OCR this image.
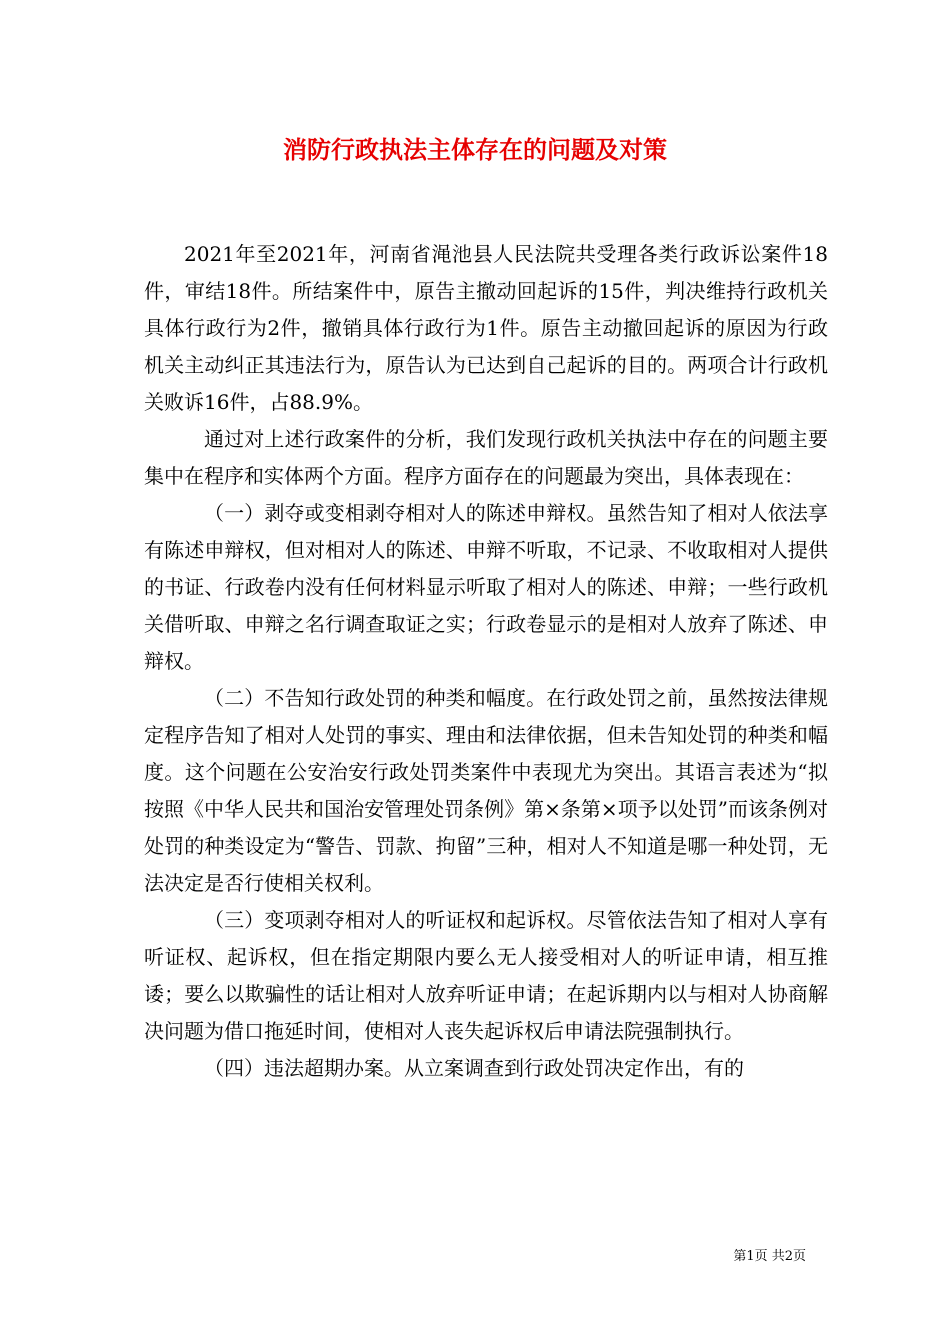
消防行政执法主体存在的问题及对策

2021年至2021年，河南省渑池县人民法院共受理各类行政诉讼案件18件，审结18件。所结案件中，原告主撤动回起诉的15件，判决维持行政机关具体行政行为2件，撤销具体行政行为1件。原告主动撤回起诉的原因为行政机关主动纠正其违法行为，原告认为已达到自己起诉的目的。两项合计行政机关败诉16件，占88.9%。

通过对上述行政案件的分析，我们发现行政机关执法中存在的问题主要集中在程序和实体两个方面。程序方面存在的问题最为突出，具体表现在：

（一）剥夺或变相剥夺相对人的陈述申辩权。虽然告知了相对人依法享有陈述申辩权，但对相对人的陈述、申辩不听取，不记录、不收取相对人提供的书证、行政卷内没有任何材料显示听取了相对人的陈述、申辩；一些行政机关借听取、申辩之名行调查取证之实；行政卷显示的是相对人放弃了陈述、申辩权。

（二）不告知行政处罚的种类和幅度。在行政处罚之前，虽然按法律规定程序告知了相对人处罚的事实、理由和法律依据，但未告知处罚的种类和幅度。这个问题在公安治安行政处罚类案件中表现尤为突出。其语言表述为“拟按照《中华人民共和国治安管理处罚条例》第×条第×项予以处罚”而该条例对处罚的种类设定为“警告、罚款、拘留”三种，相对人不知道是哪一种处罚，无法决定是否行使相关权利。

（三）变项剥夺相对人的听证权和起诉权。尽管依法告知了相对人享有听证权、起诉权，但在指定期限内要么无人接受相对人的听证申请，相互推诿；要么以欺骗性的话让相对人放弃听证申请；在起诉期内以与相对人协商解决问题为借口拖延时间，使相对人丧失起诉权后申请法院强制执行。

（四）违法超期办案。从立案调查到行政处罚决定作出，有的

第1页 共2页
